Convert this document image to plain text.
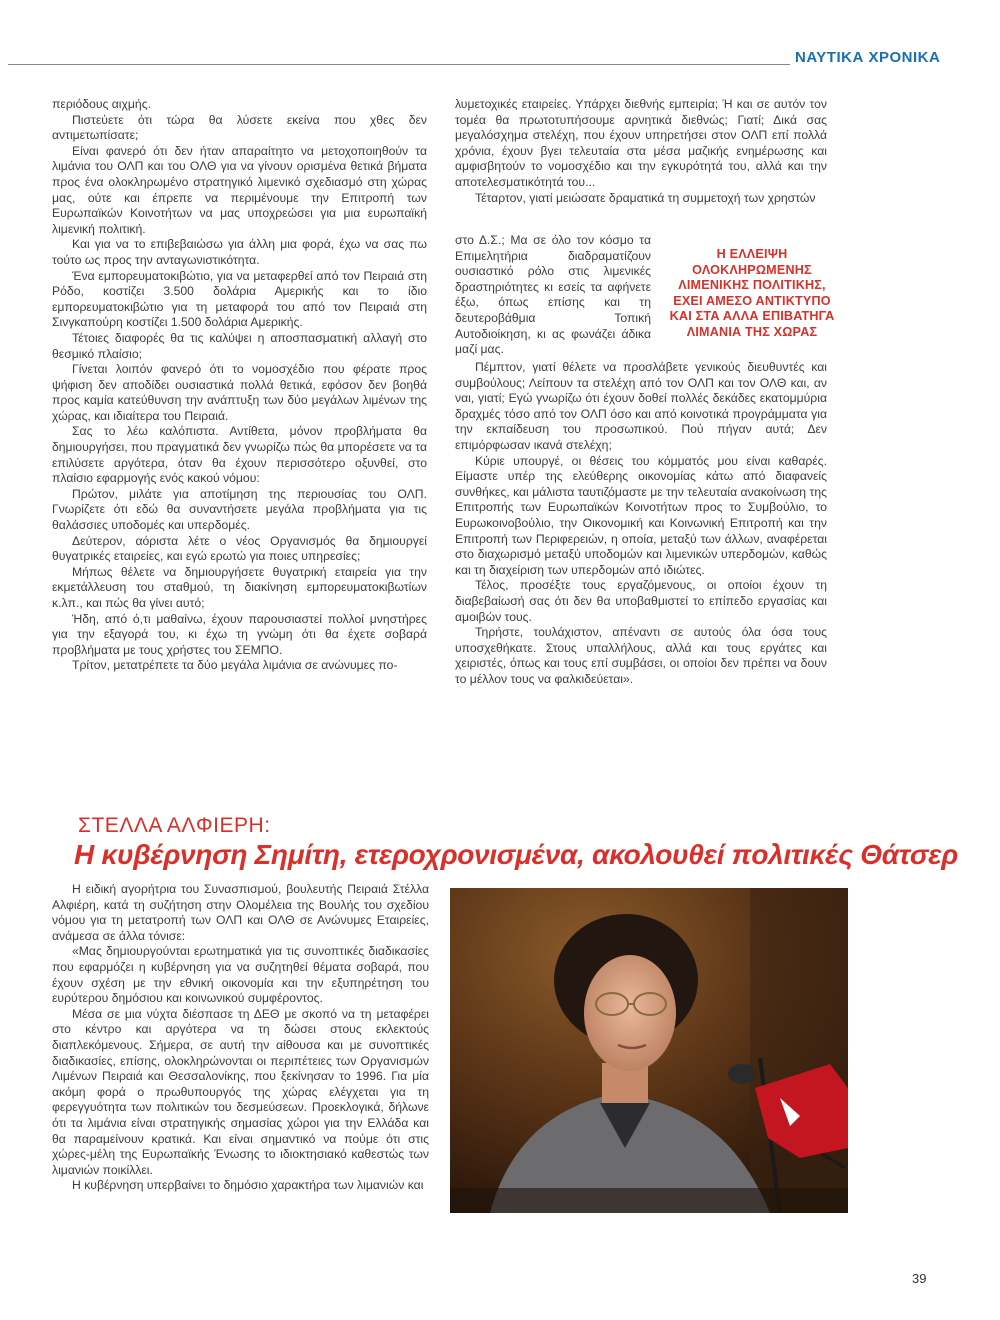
ΝΑΥΤΙΚΑ ΧΡΟΝΙΚΑ

περιόδους αιχμής.

Πιστεύετε ότι τώρα θα λύσετε εκείνα που χθες δεν αντιμετωπίσατε;

Είναι φανερό ότι δεν ήταν απαραίτητο να μετοχοποιηθούν τα λιμάνια του ΟΛΠ και του ΟΛΘ για να γίνουν ορισμένα θετικά βήματα προς ένα ολοκληρωμένο στρατηγικό λιμενικό σχεδιασμό στη χώρας μας, ούτε και έπρεπε να περιμένουμε την Επιτροπή των Ευρωπαϊκών Κοινοτήτων να μας υποχρεώσει για μια ευρωπαϊκή λιμενική πολιτική.

Και για να το επιβεβαιώσω για άλλη μια φορά, έχω να σας πω τούτο ως προς την ανταγωνιστικότητα.

Ένα εμπορευματοκιβώτιο, για να μεταφερθεί από τον Πειραιά στη Ρόδο, κοστίζει 3.500 δολάρια Αμερικής και το ίδιο εμπορευματοκιβώτιο για τη μεταφορά του από τον Πειραιά στη Σινγκαπούρη κοστίζει 1.500 δολάρια Αμερικής.

Τέτοιες διαφορές θα τις καλύψει η αποσπασματική αλλαγή στο θεσμικό πλαίσιο;

Γίνεται λοιπόν φανερό ότι το νομοσχέδιο που φέρατε προς ψήφιση δεν αποδίδει ουσιαστικά πολλά θετικά, εφόσον δεν βοηθά προς καμία κατεύθυνση την ανάπτυξη των δύο μεγάλων λιμένων της χώρας, και ιδιαίτερα του Πειραιά.

Σας το λέω καλόπιστα. Αντίθετα, μόνον προβλήματα θα δημιουργήσει, που πραγματικά δεν γνωρίζω πώς θα μπορέσετε να τα επιλύσετε αργότερα, όταν θα έχουν περισσότερο οξυνθεί, στο πλαίσιο εφαρμογής ενός κακού νόμου:

Πρώτον, μιλάτε για αποτίμηση της περιουσίας του ΟΛΠ. Γνωρίζετε ότι εδώ θα συναντήσετε μεγάλα προβλήματα για τις θαλάσσιες υποδομές και υπερδομές.

Δεύτερον, αόριστα λέτε ο νέος Οργανισμός θα δημιουργεί θυγατρικές εταιρείες, και εγώ ερωτώ για ποιες υπηρεσίες;

Μήπως θέλετε να δημιουργήσετε θυγατρική εταιρεία για την εκμετάλλευση του σταθμού, τη διακίνηση εμπορευματοκιβωτίων κ.λπ., και πώς θα γίνει αυτό;

Ήδη, από ό,τι μαθαίνω, έχουν παρουσιαστεί πολλοί μνηστήρες για την εξαγορά του, κι έχω τη γνώμη ότι θα έχετε σοβαρά προβλήματα με τους χρήστες του ΣΕΜΠΟ.

Τρίτον, μετατρέπετε τα δύο μεγάλα λιμάνια σε ανώνυμες πο-

λυμετοχικές εταιρείες. Υπάρχει διεθνής εμπειρία; Ή και σε αυτόν τον τομέα θα πρωτοτυπήσουμε αρνητικά διεθνώς; Γιατί; Δικά σας μεγαλόσχημα στελέχη, που έχουν υπηρετήσει στον ΟΛΠ επί πολλά χρόνια, έχουν βγει τελευταία στα μέσα μαζικής ενημέρωσης και αμφισβητούν το νομοσχέδιο και την εγκυρότητά του, αλλά και την αποτελεσματικότητά του...

Τέταρτον, γιατί μειώσατε δραματικά τη συμμετοχή των χρηστών

στο Δ.Σ.; Μα σε όλο τον κόσμο τα Επιμελητήρια διαδραματίζουν ουσιαστικό ρόλο στις λιμενικές δραστηριότητες κι εσείς τα αφήνετε έξω, όπως επίσης και τη δευτεροβάθμια Τοπική Αυτοδιοίκηση, κι ας φωνάζει άδικα μαζί μας.

Η ΕΛΛΕΙΨΗ ΟΛΟΚΛΗΡΩΜΕΝΗΣ ΛΙΜΕΝΙΚΗΣ ΠΟΛΙΤΙΚΗΣ, ΕΧΕΙ ΑΜΕΣΟ ΑΝΤΙΚΤΥΠΟ ΚΑΙ ΣΤΑ ΑΛΛΑ ΕΠΙΒΑΤΗΓΑ ΛΙΜΑΝΙΑ ΤΗΣ ΧΩΡΑΣ

Πέμπτον, γιατί θέλετε να προσλάβετε γενικούς διευθυντές και συμβούλους; Λείπουν τα στελέχη από τον ΟΛΠ και τον ΟΛΘ και, αν ναι, γιατί; Εγώ γνωρίζω ότι έχουν δοθεί πολλές δεκάδες εκατομμύρια δραχμές τόσο από τον ΟΛΠ όσο και από κοινοτικά προγράμματα για την εκπαίδευση του προσωπικού. Πού πήγαν αυτά; Δεν επιμόρφωσαν ικανά στελέχη;

Κύριε υπουργέ, οι θέσεις του κόμματός μου είναι καθαρές. Είμαστε υπέρ της ελεύθερης οικονομίας κάτω από διαφανείς συνθήκες, και μάλιστα ταυτιζόμαστε με την τελευταία ανακοίνωση της Επιτροπής των Ευρωπαϊκών Κοινοτήτων προς το Συμβούλιο, το Ευρωκοινοβούλιο, την Οικονομική και Κοινωνική Επιτροπή και την Επιτροπή των Περιφερειών, η οποία, μεταξύ των άλλων, αναφέρεται στο διαχωρισμό μεταξύ υποδομών και λιμενικών υπερδομών, καθώς και τη διαχείριση των υπερδομών από ιδιώτες.

Τέλος, προσέξτε τους εργαζόμενους, οι οποίοι έχουν τη διαβεβαίωσή σας ότι δεν θα υποβαθμιστεί το επίπεδο εργασίας και αμοιβών τους.

Τηρήστε, τουλάχιστον, απέναντι σε αυτούς όλα όσα τους υποσχεθήκατε. Στους υπαλλήλους, αλλά και τους εργάτες και χειριστές, όπως και τους επί συμβάσει, οι οποίοι δεν πρέπει να δουν το μέλλον τους να φαλκιδεύεται».

ΣΤΕΛΛΑ ΑΛΦΙΕΡΗ:
Η κυβέρνηση Σημίτη, ετεροχρονισμένα, ακολουθεί πολιτικές Θάτσερ

Η ειδική αγορήτρια του Συνασπισμού, βουλευτής Πειραιά Στέλλα Αλφιέρη, κατά τη συζήτηση στην Ολομέλεια της Βουλής του σχεδίου νόμου για τη μετατροπή των ΟΛΠ και ΟΛΘ σε Ανώνυμες Εταιρείες, ανάμεσα σε άλλα τόνισε:

«Μας δημιουργούνται ερωτηματικά για τις συνοπτικές διαδικασίες που εφαρμόζει η κυβέρνηση για να συζητηθεί θέματα σοβαρά, που έχουν σχέση με την εθνική οικονομία και την εξυπηρέτηση του ευρύτερου δημόσιου και κοινωνικού συμφέροντος.

Μέσα σε μια νύχτα διέσπασε τη ΔΕΘ με σκοπό να τη μεταφέρει στο κέντρο και αργότερα να τη δώσει στους εκλεκτούς διαπλεκόμενους. Σήμερα, σε αυτή την αίθουσα και με συνοπτικές διαδικασίες, επίσης, ολοκληρώνονται οι περιπέτειες των Οργανισμών Λιμένων Πειραιά και Θεσσαλονίκης, που ξεκίνησαν το 1996. Για μία ακόμη φορά ο πρωθυπουργός της χώρας ελέγχεται για τη φερεγγυότητα των πολιτικών του δεσμεύσεων. Προεκλογικά, δήλωνε ότι τα λιμάνια είναι στρατηγικής σημασίας χώροι για την Ελλάδα και θα παραμείνουν κρατικά. Και είναι σημαντικό να πούμε ότι στις χώρες-μέλη της Ευρωπαϊκής Ένωσης το ιδιοκτησιακό καθεστώς των λιμανιών ποικίλλει.

Η κυβέρνηση υπερβαίνει το δημόσιο χαρακτήρα των λιμανιών και

39
